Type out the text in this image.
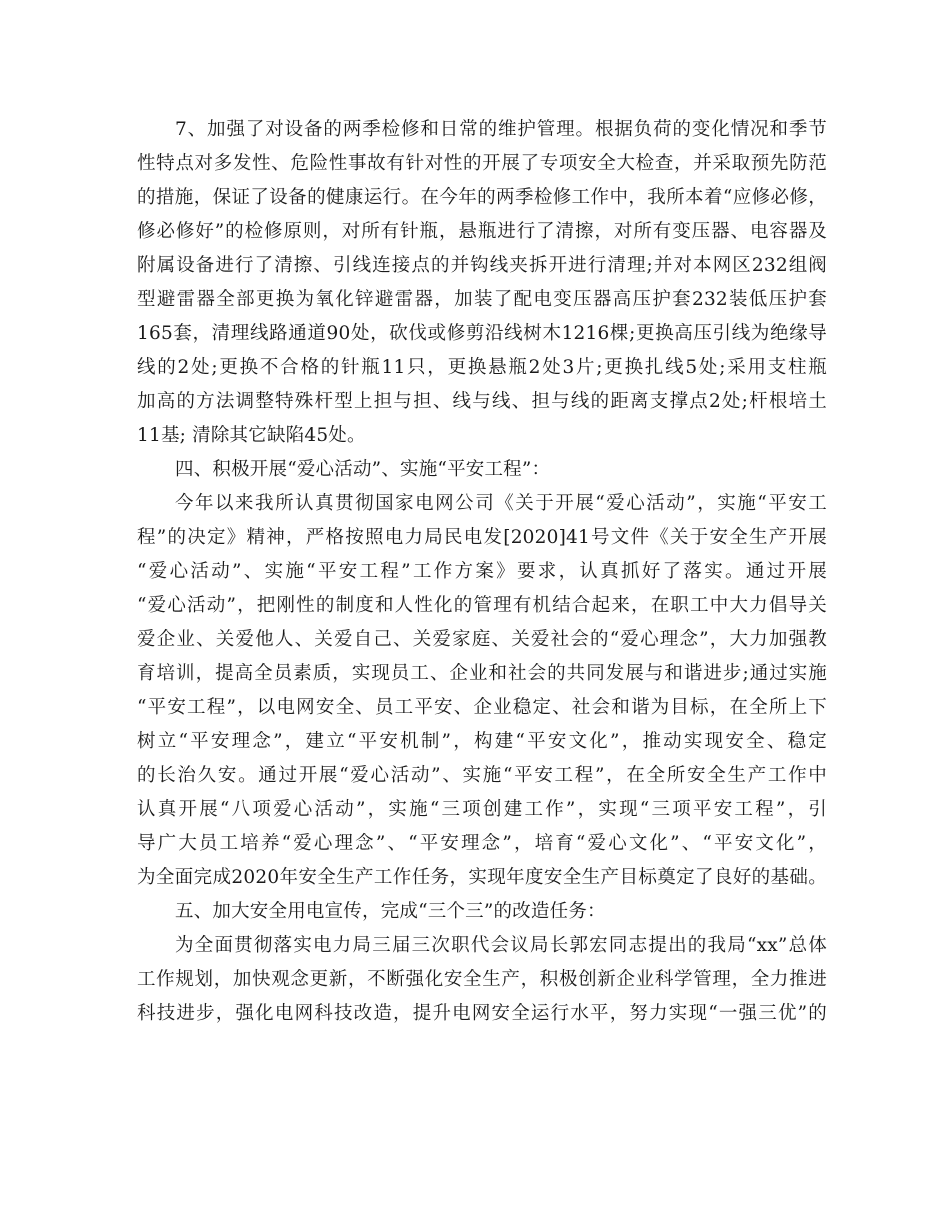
7、加强了对设备的两季检修和日常的维护管理。根据负荷的变化情况和季节
性特点对多发性、危险性事故有针对性的开展了专项安全大检查，并采取预先防范
的措施，保证了设备的健康运行。在今年的两季检修工作中，我所本着“应修必修，
修必修好”的检修原则，对所有针瓶，悬瓶进行了清擦，对所有变压器、电容器及
附属设备进行了清擦、引线连接点的并钩线夹拆开进行清理;并对本网区232组阀
型避雷器全部更换为氧化锌避雷器，加装了配电变压器高压护套232装低压护套
165套，清理线路通道90处，砍伐或修剪沿线树木1216棵;更换高压引线为绝缘导
线的2处;更换不合格的针瓶11只，更换悬瓶2处3片;更换扎线5处;采用支柱瓶
加高的方法调整特殊杆型上担与担、线与线、担与线的距离支撑点2处;杆根培土
11基; 清除其它缺陷45处。
四、积极开展“爱心活动”、实施“平安工程”：
今年以来我所认真贯彻国家电网公司《关于开展“爱心活动”，实施“平安工
程”的决定》精神，严格按照电力局民电发[2020]41号文件《关于安全生产开展
“爱心活动”、实施“平安工程”工作方案》要求，认真抓好了落实。通过开展
“爱心活动”，把刚性的制度和人性化的管理有机结合起来，在职工中大力倡导关
爱企业、关爱他人、关爱自己、关爱家庭、关爱社会的“爱心理念”，大力加强教
育培训，提高全员素质，实现员工、企业和社会的共同发展与和谐进步;通过实施
“平安工程”，以电网安全、员工平安、企业稳定、社会和谐为目标，在全所上下
树立“平安理念”，建立“平安机制”，构建“平安文化”，推动实现安全、稳定
的长治久安。通过开展“爱心活动”、实施“平安工程”，在全所安全生产工作中
认真开展“八项爱心活动”，实施“三项创建工作”，实现“三项平安工程”，引
导广大员工培养“爱心理念”、“平安理念”，培育“爱心文化”、“平安文化”，
为全面完成2020年安全生产工作任务，实现年度安全生产目标奠定了良好的基础。
五、加大安全用电宣传，完成“三个三”的改造任务：
为全面贯彻落实电力局三届三次职代会议局长郭宏同志提出的我局“xx”总体
工作规划，加快观念更新，不断强化安全生产，积极创新企业科学管理，全力推进
科技进步，强化电网科技改造，提升电网安全运行水平，努力实现“一强三优”的
